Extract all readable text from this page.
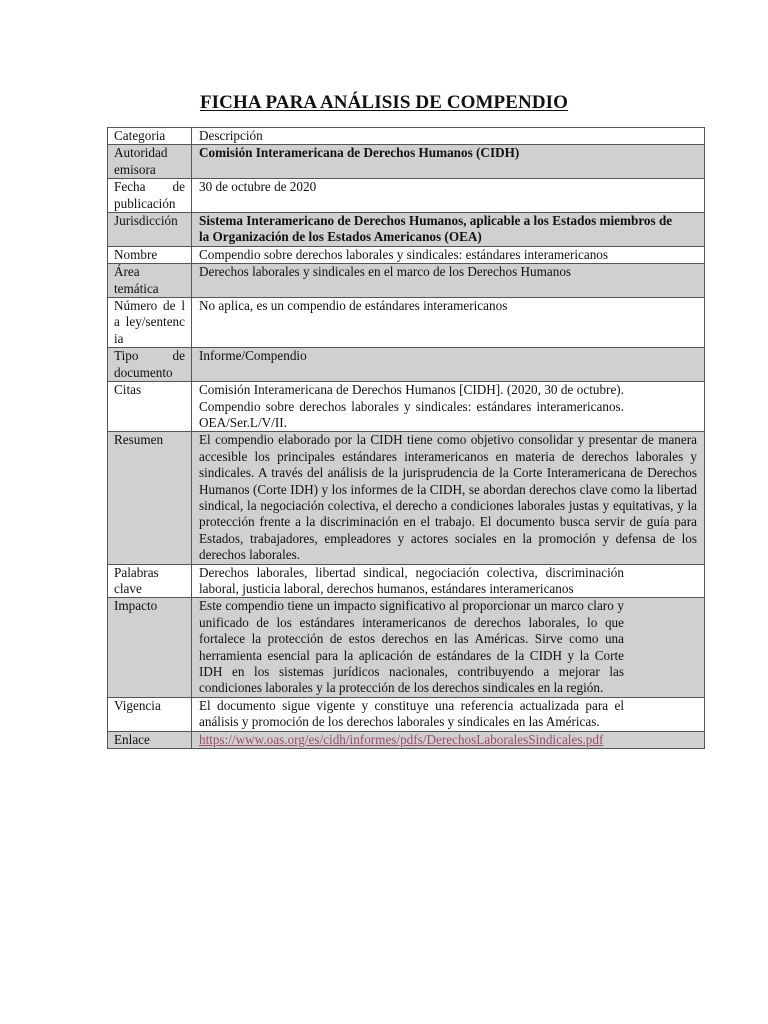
FICHA PARA ANÁLISIS DE COMPENDIO
Categoria	Descripción
Autoridad emisora	Comisión Interamericana de Derechos Humanos (CIDH)
Fecha de publicación	30 de octubre de 2020
Jurisdicción	Sistema Interamericano de Derechos Humanos, aplicable a los Estados miembros de la Organización de los Estados Americanos (OEA)
Nombre	Compendio sobre derechos laborales y sindicales: estándares interamericanos
Área temática	Derechos laborales y sindicales en el marco de los Derechos Humanos
Número de la ley/sentencia	No aplica, es un compendio de estándares interamericanos
Tipo de documento	Informe/Compendio
Citas	Comisión Interamericana de Derechos Humanos [CIDH]. (2020, 30 de octubre). Compendio sobre derechos laborales y sindicales: estándares interamericanos. OEA/Ser.L/V/II.
Resumen	El compendio elaborado por la CIDH tiene como objetivo consolidar y presentar de manera accesible los principales estándares interamericanos en materia de derechos laborales y sindicales. A través del análisis de la jurisprudencia de la Corte Interamericana de Derechos Humanos (Corte IDH) y los informes de la CIDH, se abordan derechos clave como la libertad sindical, la negociación colectiva, el derecho a condiciones laborales justas y equitativas, y la protección frente a la discriminación en el trabajo. El documento busca servir de guía para Estados, trabajadores, empleadores y actores sociales en la promoción y defensa de los derechos laborales.
Palabras clave	Derechos laborales, libertad sindical, negociación colectiva, discriminación laboral, justicia laboral, derechos humanos, estándares interamericanos
Impacto	Este compendio tiene un impacto significativo al proporcionar un marco claro y unificado de los estándares interamericanos de derechos laborales, lo que fortalece la protección de estos derechos en las Américas. Sirve como una herramienta esencial para la aplicación de estándares de la CIDH y la Corte IDH en los sistemas jurídicos nacionales, contribuyendo a mejorar las condiciones laborales y la protección de los derechos sindicales en la región.
Vigencia	El documento sigue vigente y constituye una referencia actualizada para el análisis y promoción de los derechos laborales y sindicales en las Américas.
Enlace	https://www.oas.org/es/cidh/informes/pdfs/DerechosLaboralesSindicales.pdf
